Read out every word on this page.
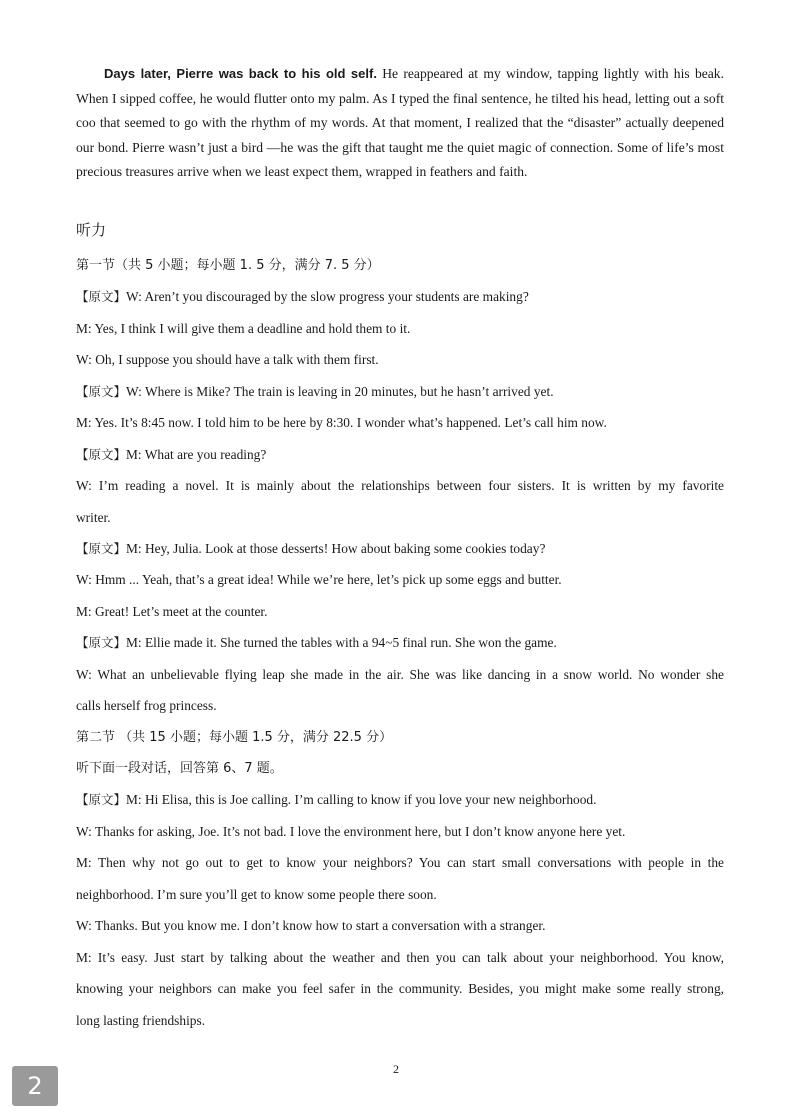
Days later, Pierre was back to his old self. He reappeared at my window, tapping lightly with his beak. When I sipped coffee, he would flutter onto my palm. As I typed the final sentence, he tilted his head, letting out a soft coo that seemed to go with the rhythm of my words. At that moment, I realized that the “disaster” actually deepened our bond. Pierre wasn’t just a bird —he was the gift that taught me the quiet magic of connection. Some of life’s most precious treasures arrive when we least expect them, wrapped in feathers and faith.

听力
第一节（共 5 小题；每小题 1. 5 分，满分 7. 5 分）
【原文】W: Aren’t you discouraged by the slow progress your students are making?
M: Yes, I think I will give them a deadline and hold them to it.
W: Oh, I suppose you should have a talk with them first.
【原文】W: Where is Mike? The train is leaving in 20 minutes, but he hasn’t arrived yet.
M: Yes. It’s 8:45 now. I told him to be here by 8:30. I wonder what’s happened. Let’s call him now.
【原文】M: What are you reading?
W: I’m reading a novel. It is mainly about the relationships between four sisters. It is written by my favorite
writer.
【原文】M: Hey, Julia. Look at those desserts! How about baking some cookies today?
W: Hmm ... Yeah, that’s a great idea! While we’re here, let’s pick up some eggs and butter.
M: Great! Let’s meet at the counter.
【原文】M: Ellie made it. She turned the tables with a 94~5 final run. She won the game.
W: What an unbelievable flying leap she made in the air. She was like dancing in a snow world. No wonder she
calls herself frog princess.
第二节 （共 15 小题；每小题 1.5 分，满分 22.5 分）
听下面一段对话，回答第 6、7 题。
【原文】M: Hi Elisa, this is Joe calling. I’m calling to know if you love your new neighborhood.
W: Thanks for asking, Joe. It’s not bad. I love the environment here, but I don’t know anyone here yet.
M: Then why not go out to get to know your neighbors? You can start small conversations with people in the
neighborhood. I’m sure you’ll get to know some people there soon.
W: Thanks. But you know me. I don’t know how to start a conversation with a stranger.
M: It’s easy. Just start by talking about the weather and then you can talk about your neighborhood. You know,
knowing your neighbors can make you feel safer in the community. Besides, you might make some really strong,
long lasting friendships.
2
2
